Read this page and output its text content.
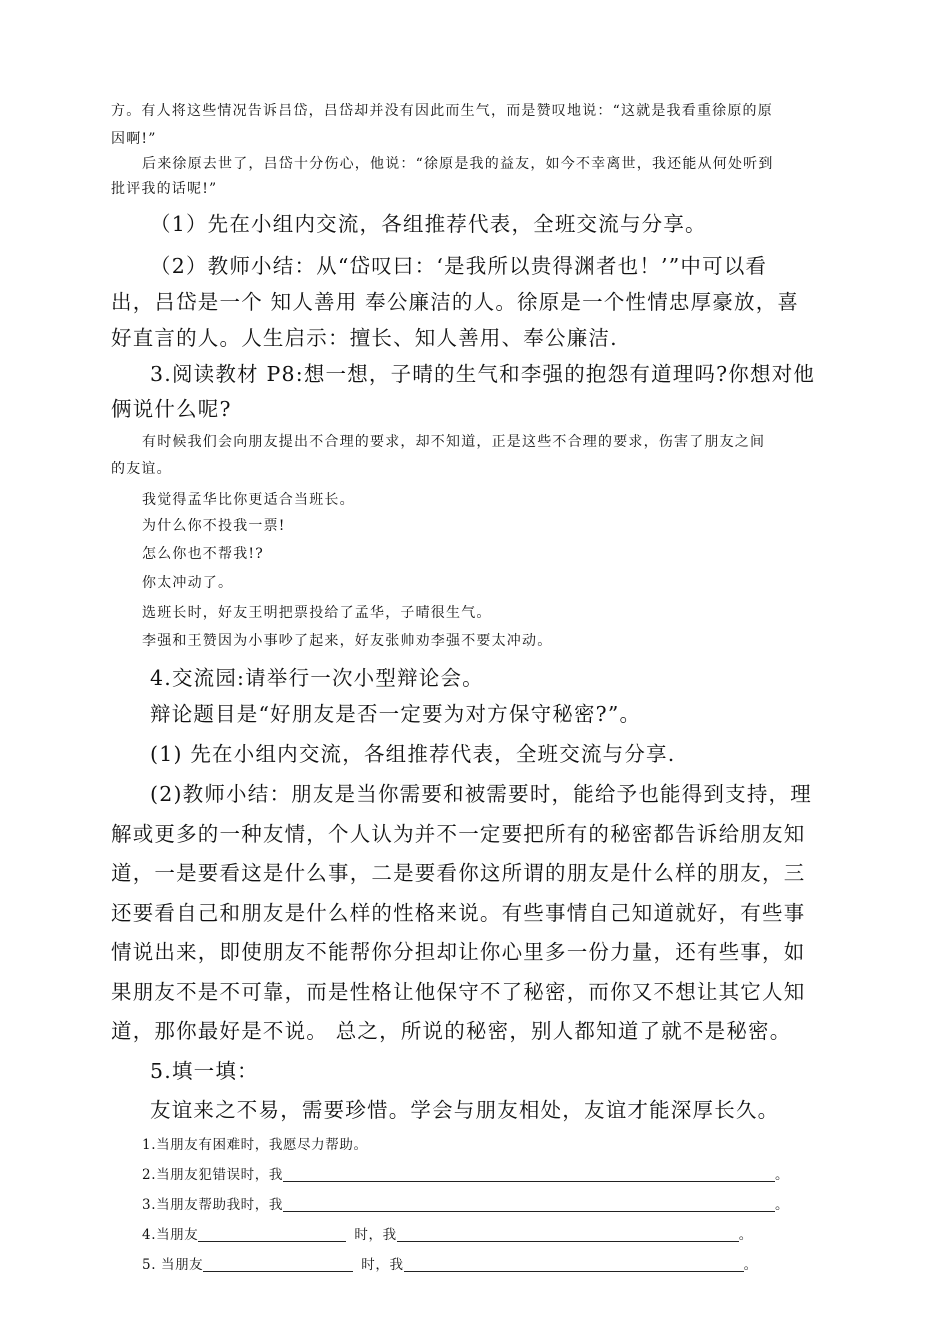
方。有人将这些情况告诉吕岱，吕岱却并没有因此而生气，而是赞叹地说：“这就是我看重徐原的原

因啊!”

后来徐原去世了，吕岱十分伤心，他说：“徐原是我的益友，如今不幸离世，我还能从何处听到

批评我的话呢!”

（1）先在小组内交流，各组推荐代表，全班交流与分享。

（2）教师小结：从“岱叹曰：‘是我所以贵得渊者也！’”中可以看

出，吕岱是一个 知人善用 奉公廉洁的人。徐原是一个性情忠厚豪放，喜

好直言的人。人生启示：擅长、知人善用、奉公廉洁.

3.阅读教材 P8:想一想，子晴的生气和李强的抱怨有道理吗?你想对他

俩说什么呢?

有时候我们会向朋友提出不合理的要求，却不知道，正是这些不合理的要求，伤害了朋友之间

的友谊。

我觉得孟华比你更适合当班长。

为什么你不投我一票!

怎么你也不帮我!?

你太冲动了。

选班长时，好友王明把票投给了孟华，子晴很生气。

李强和王赞因为小事吵了起来，好友张帅劝李强不要太冲动。

4.交流园:请举行一次小型辩论会。

辩论题目是“好朋友是否一定要为对方保守秘密?”。

(1) 先在小组内交流，各组推荐代表，全班交流与分享.

(2)教师小结：朋友是当你需要和被需要时，能给予也能得到支持，理

解或更多的一种友情，个人认为并不一定要把所有的秘密都告诉给朋友知

道，一是要看这是什么事，二是要看你这所谓的朋友是什么样的朋友，三

还要看自己和朋友是什么样的性格来说。有些事情自己知道就好，有些事

情说出来，即使朋友不能帮你分担却让你心里多一份力量，还有些事，如

果朋友不是不可靠，而是性格让他保守不了秘密，而你又不想让其它人知

道，那你最好是不说。 总之，所说的秘密，别人都知道了就不是秘密。

5.填一填：

友谊来之不易，需要珍惜。学会与朋友相处，友谊才能深厚长久。

1.当朋友有困难时，我愿尽力帮助。

2.当朋友犯错误时，我	。
3.当朋友帮助我时，我	。
4.当朋友	时，我	。
5. 当朋友	时，我	。
